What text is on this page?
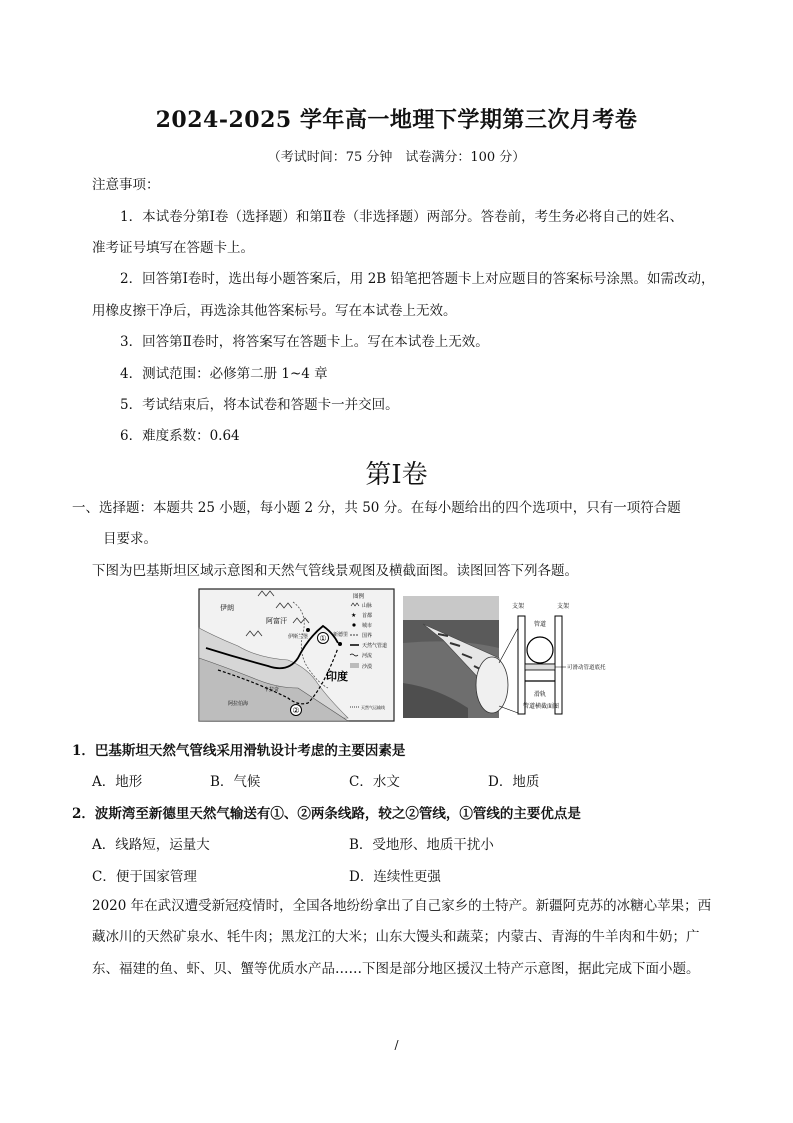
2024-2025 学年高一地理下学期第三次月考卷
（考试时间：75 分钟　试卷满分：100 分）
注意事项：
1．本试卷分第Ⅰ卷（选择题）和第Ⅱ卷（非选择题）两部分。答卷前，考生务必将自己的姓名、
准考证号填写在答题卡上。
2．回答第Ⅰ卷时，选出每小题答案后，用 2B 铅笔把答题卡上对应题目的答案标号涂黑。如需改动，
用橡皮擦干净后，再选涂其他答案标号。写在本试卷上无效。
3．回答第Ⅱ卷时，将答案写在答题卡上。写在本试卷上无效。
4．测试范围：必修第二册 1~4 章
5．考试结束后，将本试卷和答题卡一并交回。
6．难度系数：0.64
第Ⅰ卷
一、选择题：本题共 25 小题，每小题 2 分，共 50 分。在每小题给出的四个选项中，只有一项符合题
目要求。
下图为巴基斯坦区域示意图和天然气管线景观图及横截面图。读图回答下列各题。
①
②
伊朗
阿富汗
伊斯兰堡
印度
卡拉奇
阿拉伯海
新德里
图例
山脉
★ 首都
城市
国界
天然气管道
河流
沙漠
天然气运输线
支架	支架
管道
可滑动管道底托
滑轨
管道横截面图
1．巴基斯坦天然气管线采用滑轨设计考虑的主要因素是
A．地形	B．气候	C．水文	D．地质
2．波斯湾至新德里天然气输送有①、②两条线路，较之②管线，①管线的主要优点是
A．线路短，运量大	B．受地形、地质干扰小
C．便于国家管理	D．连续性更强
2020 年在武汉遭受新冠疫情时，全国各地纷纷拿出了自己家乡的土特产。新疆阿克苏的冰糖心苹果；西
藏冰川的天然矿泉水、牦牛肉；黑龙江的大米；山东大馒头和蔬菜；内蒙古、青海的牛羊肉和牛奶；广
东、福建的鱼、虾、贝、蟹等优质水产品……下图是部分地区援汉土特产示意图，据此完成下面小题。
/
